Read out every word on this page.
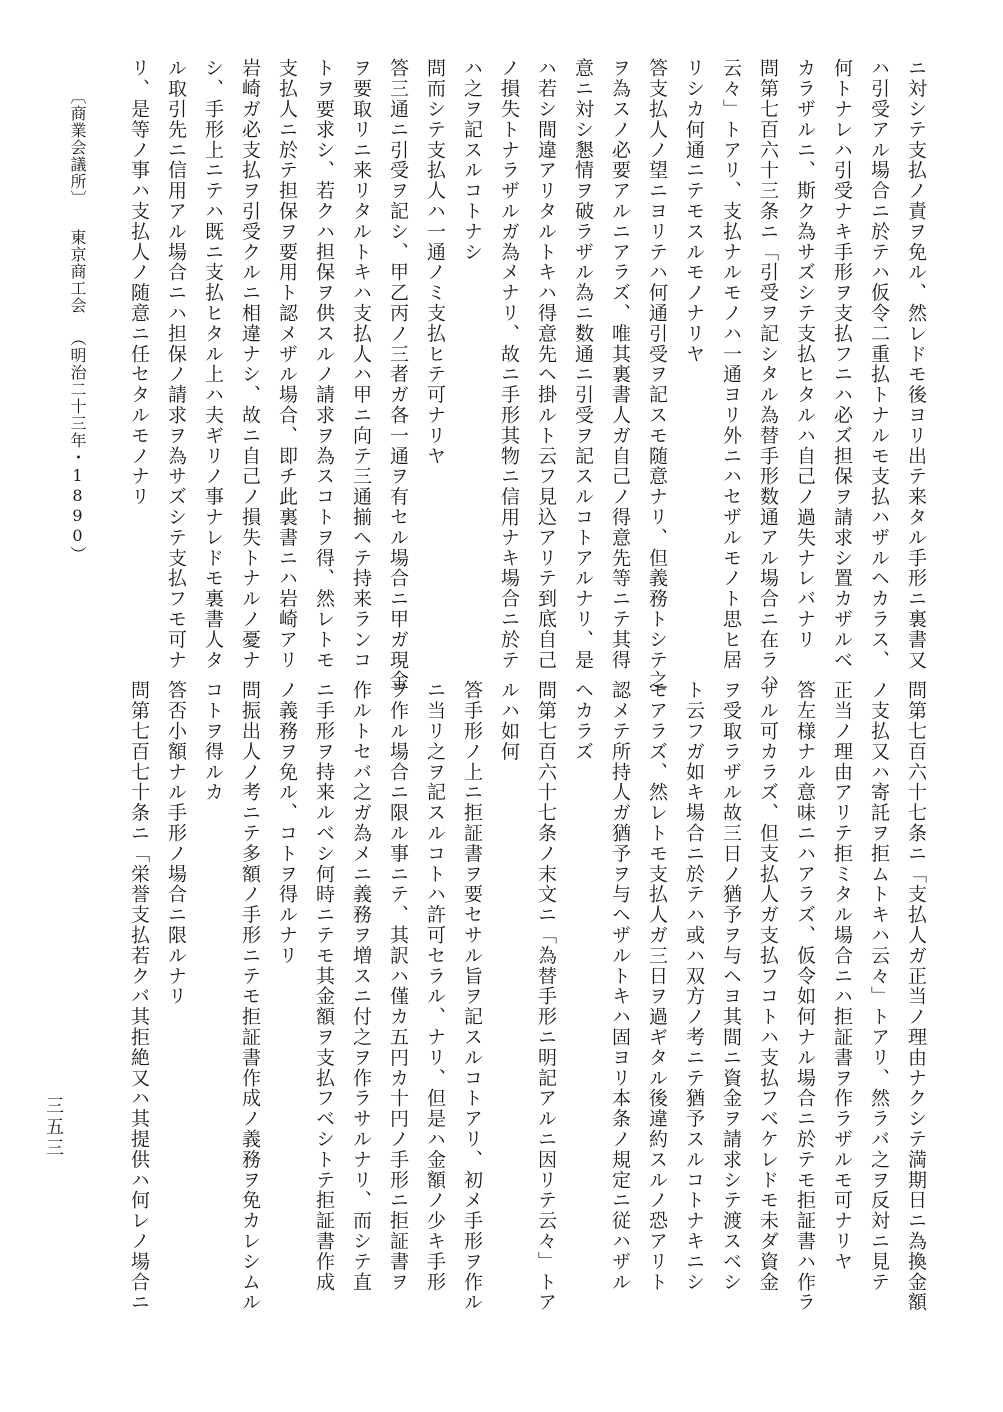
ニ対シテ支払ノ責ヲ免ル、然レドモ後ヨリ出テ来タル手形ニ裏書又

ハ引受アル場合ニ於テハ仮令二重払トナルモ支払ハザルヘカラス、

何トナレハ引受ナキ手形ヲ支払フニハ必ズ担保ヲ請求シ置カザルベ

カラザルニ、斯ク為サズシテ支払ヒタルハ自己ノ過失ナレバナリ

問第七百六十三条ニ「引受ヲ記シタル為替手形数通アル場合ニ在ラハ

云々」トアリ、支払ナルモノハ一通ヨリ外ニハセザルモノト思ヒ居

リシカ何通ニテモスルモノナリヤ

答支払人ノ望ニヨリテハ何通引受ヲ記スモ随意ナリ、但義務トシテ之

ヲ為スノ必要アルニアラズ、唯其裏書人ガ自己ノ得意先等ニテ其得

意ニ対シ懇情ヲ破ラザル為ニ数通ニ引受ヲ記スルコトアルナリ、是

ハ若シ間違アリタルトキハ得意先ヘ掛ルト云フ見込アリテ到底自己

ノ損失トナラザルガ為メナリ、故ニ手形其物ニ信用ナキ場合ニ於テ

ハ之ヲ記スルコトナシ

問而シテ支払人ハ一通ノミ支払ヒテ可ナリヤ

答三通ニ引受ヲ記シ、甲乙丙ノ三者ガ各一通ヲ有セル場合ニ甲ガ現金

ヲ要取リニ来リタルトキハ支払人ハ甲ニ向テ三通揃ヘテ持来ランコ

トヲ要求シ、若クハ担保ヲ供スルノ請求ヲ為スコトヲ得、然レトモ

支払人ニ於テ担保ヲ要用ト認メザル場合、即チ此裏書ニハ岩崎アリ

岩崎ガ必支払ヲ引受クルニ相違ナシ、故ニ自己ノ損失トナルノ憂ナ

シ、手形上ニテハ既ニ支払ヒタル上ハ夫ギリノ事ナレドモ裏書人タ

ル取引先ニ信用アル場合ニハ担保ノ請求ヲ為サズシテ支払フモ可ナ

リ、是等ノ事ハ支払人ノ随意ニ任セタルモノナリ

〔商業会議所〕東京商工会（明治二十三年・1890）

問第七百六十七条ニ「支払人ガ正当ノ理由ナクシテ満期日ニ為換金額

ノ支払又ハ寄託ヲ拒ムトキハ云々」トアリ、然ラバ之ヲ反対ニ見テ

正当ノ理由アリテ拒ミタル場合ニハ拒証書ヲ作ラザルモ可ナリヤ

答左様ナル意味ニハアラズ、仮令如何ナル場合ニ於テモ拒証書ハ作ラ

ザル可カラズ、但支払人ガ支払フコトハ支払フベケレドモ未ダ資金

ヲ受取ラザル故三日ノ猶予ヲ与ヘヨ其間ニ資金ヲ請求シテ渡スベシ

ト云フガ如キ場合ニ於テハ或ハ双方ノ考ニテ猶予スルコトナキニシ

モアラズ、然レトモ支払人ガ三日ヲ過ギタル後違約スルノ恐アリト

認メテ所持人ガ猶予ヲ与ヘザルトキハ固ヨリ本条ノ規定ニ従ハザル

ヘカラズ

問第七百六十七条ノ末文ニ「為替手形ニ明記アルニ因リテ云々」トア

ルハ如何

答手形ノ上ニ拒証書ヲ要セサル旨ヲ記スルコトアリ、初メ手形ヲ作ル

ニ当リ之ヲ記スルコトハ許可セラル、ナリ、但是ハ金額ノ少キ手形

ヲ作ル場合ニ限ル事ニテ、其訳ハ僅カ五円カ十円ノ手形ニ拒証書ヲ

作ルトセバ之ガ為メニ義務ヲ増スニ付之ヲ作ラサルナリ、而シテ直

ニ手形ヲ持来ルベシ何時ニテモ其金額ヲ支払フベシトテ拒証書作成

ノ義務ヲ免ル、コトヲ得ルナリ

問振出人ノ考ニテ多額ノ手形ニテモ拒証書作成ノ義務ヲ免カレシムル

コトヲ得ルカ

答否小額ナル手形ノ場合ニ限ルナリ

問第七百七十条ニ「栄誉支払若クバ其拒絶又ハ其提供ハ何レノ場合ニ

三五三
